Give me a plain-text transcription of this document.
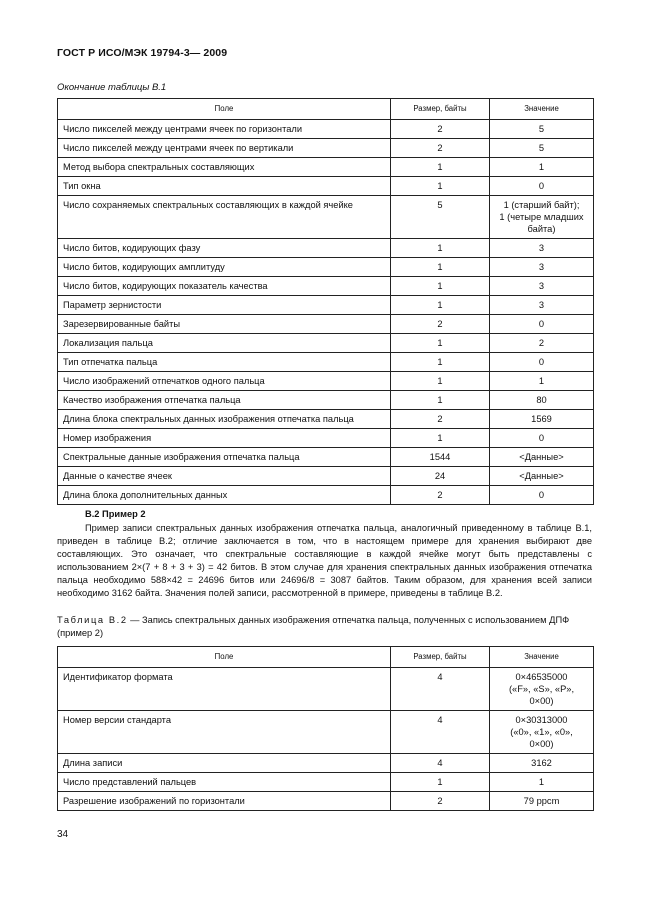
ГОСТ Р ИСО/МЭК 19794-3— 2009
Окончание таблицы В.1
Поле	Размер, байты	Значение
Число пикселей между центрами ячеек по горизонтали	2	5
Число пикселей между центрами ячеек по вертикали	2	5
Метод выбора спектральных составляющих	1	1
Тип окна	1	0
Число сохраняемых спектральных составляющих в каждой ячейке	5	1 (старший байт);
1 (четыре младших байта)
Число битов, кодирующих фазу	1	3
Число битов, кодирующих амплитуду	1	3
Число битов, кодирующих показатель качества	1	3
Параметр зернистости	1	3
Зарезервированные байты	2	0
Локализация пальца	1	2
Тип отпечатка пальца	1	0
Число изображений отпечатков одного пальца	1	1
Качество изображения отпечатка пальца	1	80
Длина блока спектральных данных изображения отпечатка пальца	2	1569
Номер изображения	1	0
Спектральные данные изображения отпечатка пальца	1544	<Данные>
Данные о качестве ячеек	24	<Данные>
Длина блока дополнительных данных	2	0
В.2 Пример 2
Пример записи спектральных данных изображения отпечатка пальца, аналогичный приведенному в таблице В.1, приведен в таблице В.2; отличие заключается в том, что в настоящем примере для хранения выбирают две составляющих. Это означает, что спектральные составляющие в каждой ячейке могут быть представлены с использованием 2×(7 + 8 + 3 + 3) = 42 битов. В этом случае для хранения спектральных данных изображения отпечатка пальца необходимо 588×42 = 24696 битов или 24696/8 = 3087 байтов. Таким образом, для хранения всей записи необходимо 3162 байта. Значения полей записи, рассмотренной в примере, приведены в таблице В.2.
Таблица В.2 — Запись спектральных данных изображения отпечатка пальца, полученных с использованием ДПФ (пример 2)
Поле	Размер, байты	Значение
Идентификатор формата	4	0×46535000
(«F», «S», «P»,
0×00)
Номер версии стандарта	4	0×30313000
(«0», «1», «0»,
0×00)
Длина записи	4	3162
Число представлений пальцев	1	1
Разрешение изображений по горизонтали	2	79 ppcm
34
